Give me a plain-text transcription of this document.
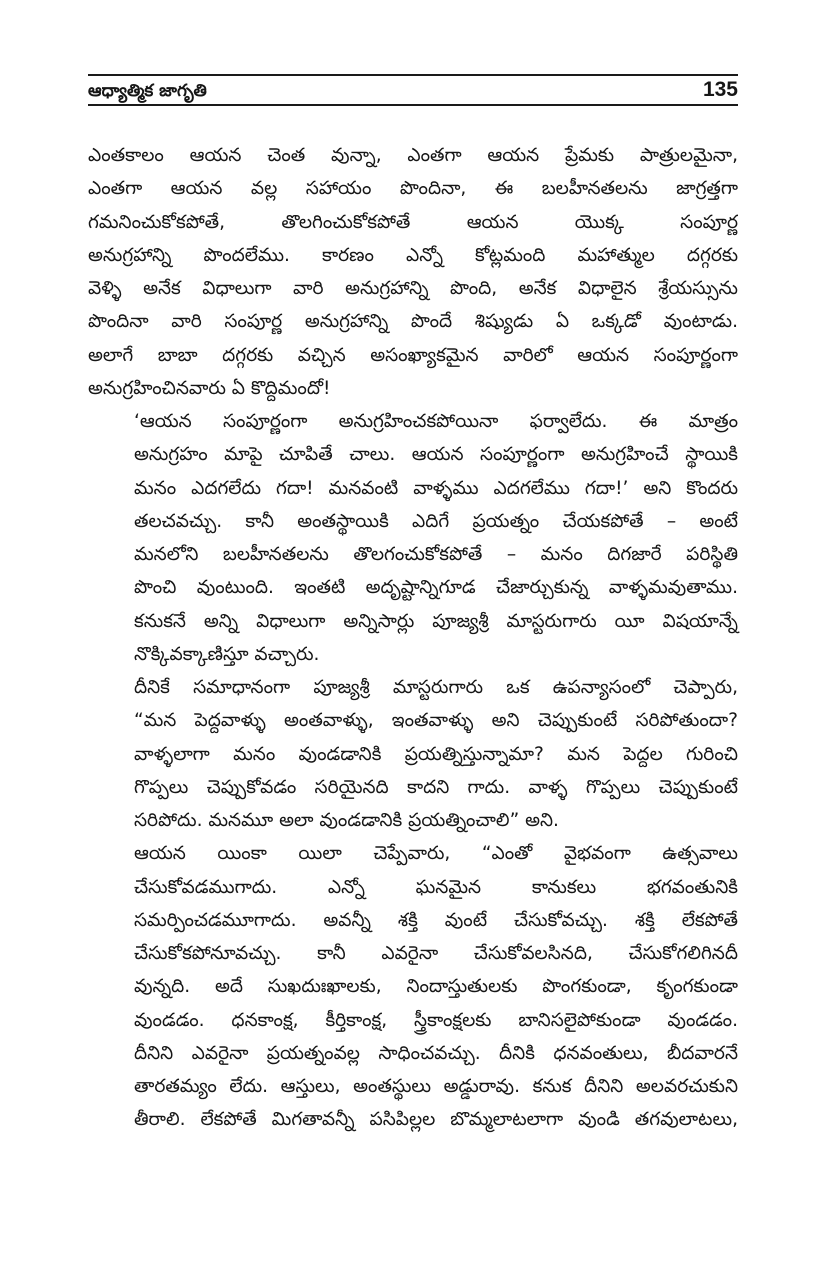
ఆధ్యాత్మిక జాగృతి	135

ఎంతకాలం ఆయన చెంత వున్నా, ఎంతగా ఆయన ప్రేమకు పాత్రులమైనా,
ఎంతగా ఆయన వల్ల సహాయం పొందినా, ఈ బలహీనతలను జాగ్రత్తగా
గమనించుకోకపోతే, తొలగించుకోకపోతే ఆయన యొక్క సంపూర్ణ
అనుగ్రహాన్ని పొందలేము. కారణం ఎన్నో కోట్లమంది మహాత్ముల దగ్గరకు
వెళ్ళి అనేక విధాలుగా వారి అనుగ్రహాన్ని పొంది, అనేక విధాలైన శ్రేయస్సును
పొందినా వారి సంపూర్ణ అనుగ్రహాన్ని పొందే శిష్యుడు ఏ ఒక్కడో వుంటాడు.
అలాగే బాబా దగ్గరకు వచ్చిన అసంఖ్యాకమైన వారిలో ఆయన సంపూర్ణంగా
అనుగ్రహించినవారు ఏ కొద్దిమందో!

‘ఆయన సంపూర్ణంగా అనుగ్రహించకపోయినా ఫర్వాలేదు. ఈ మాత్రం
అనుగ్రహం మాపై చూపితే చాలు. ఆయన సంపూర్ణంగా అనుగ్రహించే స్థాయికి
మనం ఎదగలేదు గదా! మనవంటి వాళ్ళము ఎదగలేము గదా!’ అని కొందరు
తలచవచ్చు. కానీ అంతస్థాయికి ఎదిగే ప్రయత్నం చేయకపోతే – అంటే
మనలోని బలహీనతలను తొలగంచుకోకపోతే – మనం దిగజారే పరిస్థితి
పొంచి వుంటుంది. ఇంతటి అదృష్టాన్నిగూడ చేజార్చుకున్న వాళ్ళమవుతాము.
కనుకనే అన్ని విధాలుగా అన్నిసార్లు పూజ్యశ్రీ మాస్టరుగారు యీ విషయాన్నే
నొక్కివక్కాణిస్తూ వచ్చారు.

దీనికే సమాధానంగా పూజ్యశ్రీ మాస్టరుగారు ఒక ఉపన్యాసంలో చెప్పారు,
“మన పెద్దవాళ్ళు అంతవాళ్ళు, ఇంతవాళ్ళు అని చెప్పుకుంటే సరిపోతుందా?
వాళ్ళలాగా మనం వుండడానికి ప్రయత్నిస్తున్నామా? మన పెద్దల గురించి
గొప్పలు చెప్పుకోవడం సరియైనది కాదని గాదు. వాళ్ళ గొప్పలు చెప్పుకుంటే
సరిపోదు. మనమూ అలా వుండడానికి ప్రయత్నించాలి” అని.

ఆయన యింకా యిలా చెప్పేవారు, “ఎంతో వైభవంగా ఉత్సవాలు
చేసుకోవడముగాదు. ఎన్నో ఘనమైన కానుకలు భగవంతునికి
సమర్పించడమూగాదు. అవన్నీ శక్తి వుంటే చేసుకోవచ్చు. శక్తి లేకపోతే
చేసుకోకపోనూవచ్చు. కానీ ఎవరైనా చేసుకోవలసినది, చేసుకోగలిగినదీ
వున్నది. అదే సుఖదుఃఖాలకు, నిందాస్తుతులకు పొంగకుండా, కృంగకుండా
వుండడం. ధనకాంక్ష, కీర్తికాంక్ష, స్త్రీకాంక్షలకు బానిసలైపోకుండా వుండడం.
దీనిని ఎవరైనా ప్రయత్నంవల్ల సాధించవచ్చు. దీనికి ధనవంతులు, బీదవారనే
తారతమ్యం లేదు. ఆస్తులు, అంతస్థులు అడ్డురావు. కనుక దీనిని అలవరచుకుని
తీరాలి. లేకపోతే మిగతావన్నీ పసిపిల్లల బొమ్మలాటలాగా వుండి తగవులాటలు,
